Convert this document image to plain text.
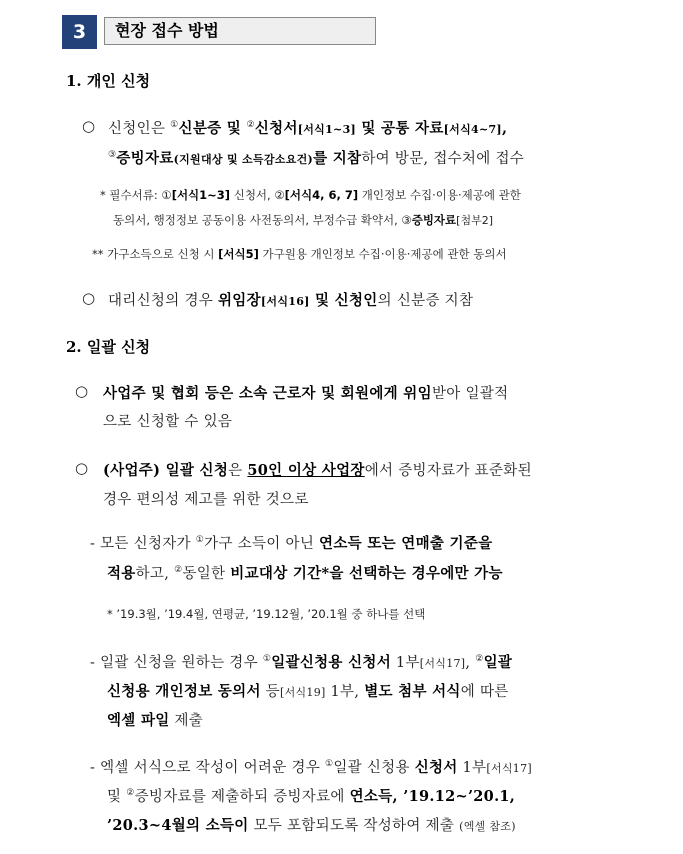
3	현장 접수 방법
1. 개인 신청
○ 신청인은 ①신분증 및 ②신청서[서식1~3] 및 공통 자료[서식4~7],
③증빙자료(지원대상 및 소득감소요건)를 지참하여 방문, 접수처에 접수
* 필수서류: ①[서식1~3] 신청서, ②[서식4, 6, 7] 개인정보 수집·이용·제공에 관한
동의서, 행정정보 공동이용 사전동의서, 부정수급 확약서, ③증빙자료[첨부2]
** 가구소득으로 신청 시 [서식5] 가구원용 개인정보 수집·이용·제공에 관한 동의서
○ 대리신청의 경우 위임장[서식16] 및 신청인의 신분증 지참
2. 일괄 신청
○ 사업주 및 협회 등은 소속 근로자 및 회원에게 위임받아 일괄적
으로 신청할 수 있음
○ (사업주) 일괄 신청은 50인 이상 사업장에서 증빙자료가 표준화된
경우 편의성 제고를 위한 것으로
- 모든 신청자가 ①가구 소득이 아닌 연소득 또는 연매출 기준을
적용하고, ②동일한 비교대상 기간*을 선택하는 경우에만 가능
* ’19.3월, ’19.4월, 연평균, ’19.12월, ’20.1월 중 하나를 선택
- 일괄 신청을 원하는 경우 ①일괄신청용 신청서 1부[서식17], ②일괄
신청용 개인정보 동의서 등[서식19] 1부, 별도 첨부 서식에 따른
엑셀 파일 제출
- 엑셀 서식으로 작성이 어려운 경우 ①일괄 신청용 신청서 1부[서식17]
및 ②증빙자료를 제출하되 증빙자료에 연소득, ’19.12~’20.1,
’20.3~4월의 소득이 모두 포함되도록 작성하여 제출 (엑셀 참조)
